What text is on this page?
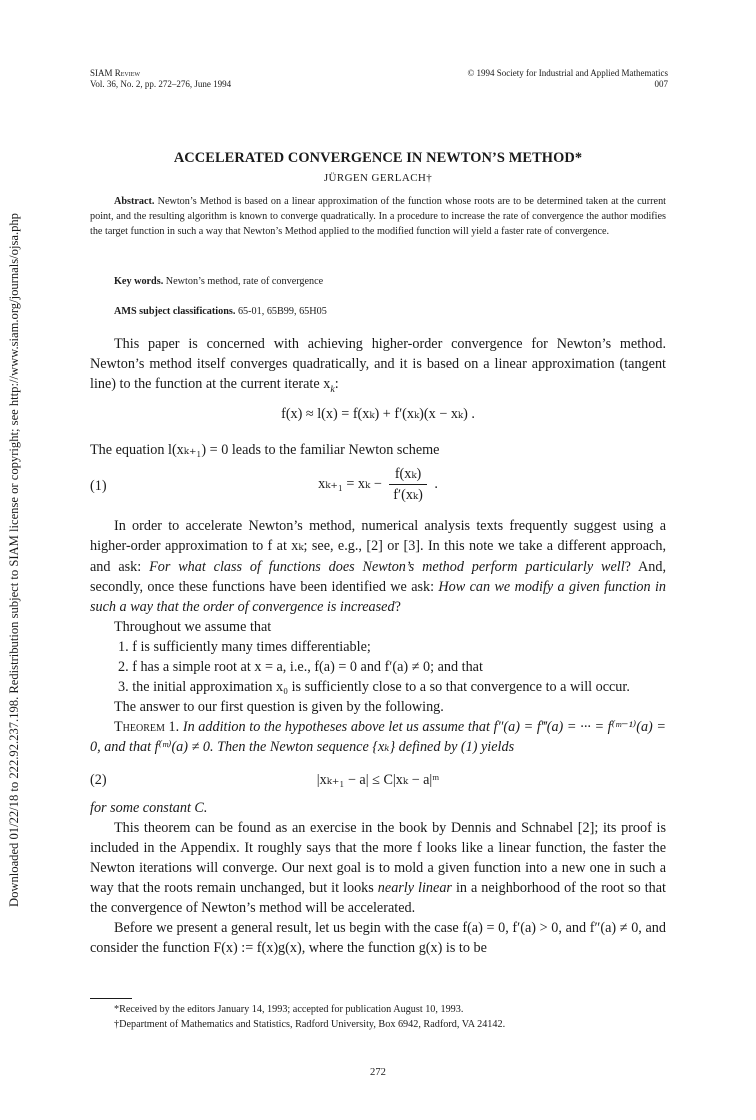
Downloaded 01/22/18 to 222.92.237.198. Redistribution subject to SIAM license or copyright; see http://www.siam.org/journals/ojsa.php
SIAM Review
Vol. 36, No. 2, pp. 272–276, June 1994
© 1994 Society for Industrial and Applied Mathematics
007
ACCELERATED CONVERGENCE IN NEWTON’S METHOD*
JÜRGEN GERLACH†

Abstract. Newton’s Method is based on a linear approximation of the function whose roots are to be determined taken at the current point, and the resulting algorithm is known to converge quadratically. In a procedure to increase the rate of convergence the author modifies the target function in such a way that Newton’s Method applied to the modified function will yield a faster rate of convergence.

Key words. Newton’s method, rate of convergence
AMS subject classifications. 65-01, 65B99, 65H05

This paper is concerned with achieving higher-order convergence for Newton’s method. Newton’s method itself converges quadratically, and it is based on a linear approximation (tangent line) to the function at the current iterate $x_k$:

f(x) ≈ l(x) = f(xₖ) + f′(xₖ)(x − xₖ) .

The equation l(xₖ₊₁) = 0 leads to the familiar Newton scheme

(1)	$x_{k+1} = x_k - \frac{\text{f(xₖ)}}{\text{f′(xₖ)}}$ .

In order to accelerate Newton’s method, numerical analysis texts frequently suggest using a higher-order approximation to f at xₖ; see, e.g., [2] or [3]. In this note we take a different approach, and ask: For what class of functions does Newton’s method perform particularly well? And, secondly, once these functions have been identified we ask: How can we modify a given function in such a way that the order of convergence is increased?

Throughout we assume that

1. f is sufficiently many times differentiable;

2. f has a simple root at x = a, i.e., f(a) = 0 and f′(a) ≠ 0; and that

3. the initial approximation x₀ is sufficiently close to a so that convergence to a will occur.

The answer to our first question is given by the following.

Theorem 1. In addition to the hypotheses above let us assume that f″(a) = f‴(a) = ··· = f⁽ᵐ⁻¹⁾(a) = 0, and that f⁽ᵐ⁾(a) ≠ 0. Then the Newton sequence {xₖ} defined by (1) yields

(2)	|xₖ₊₁ − a| ≤ C|xₖ − a|ᵐ

for some constant C.

This theorem can be found as an exercise in the book by Dennis and Schnabel [2]; its proof is included in the Appendix. It roughly says that the more f looks like a linear function, the faster the Newton iterations will converge. Our next goal is to mold a given function into a new one in such a way that the roots remain unchanged, but it looks nearly linear in a neighborhood of the root so that the convergence of Newton’s method will be accelerated.

Before we present a general result, let us begin with the case f(a) = 0, f′(a) > 0, and f″(a) ≠ 0, and consider the function F(x) := f(x)g(x), where the function g(x) is to be

*Received by the editors January 14, 1993; accepted for publication August 10, 1993.
†Department of Mathematics and Statistics, Radford University, Box 6942, Radford, VA 24142.
272
